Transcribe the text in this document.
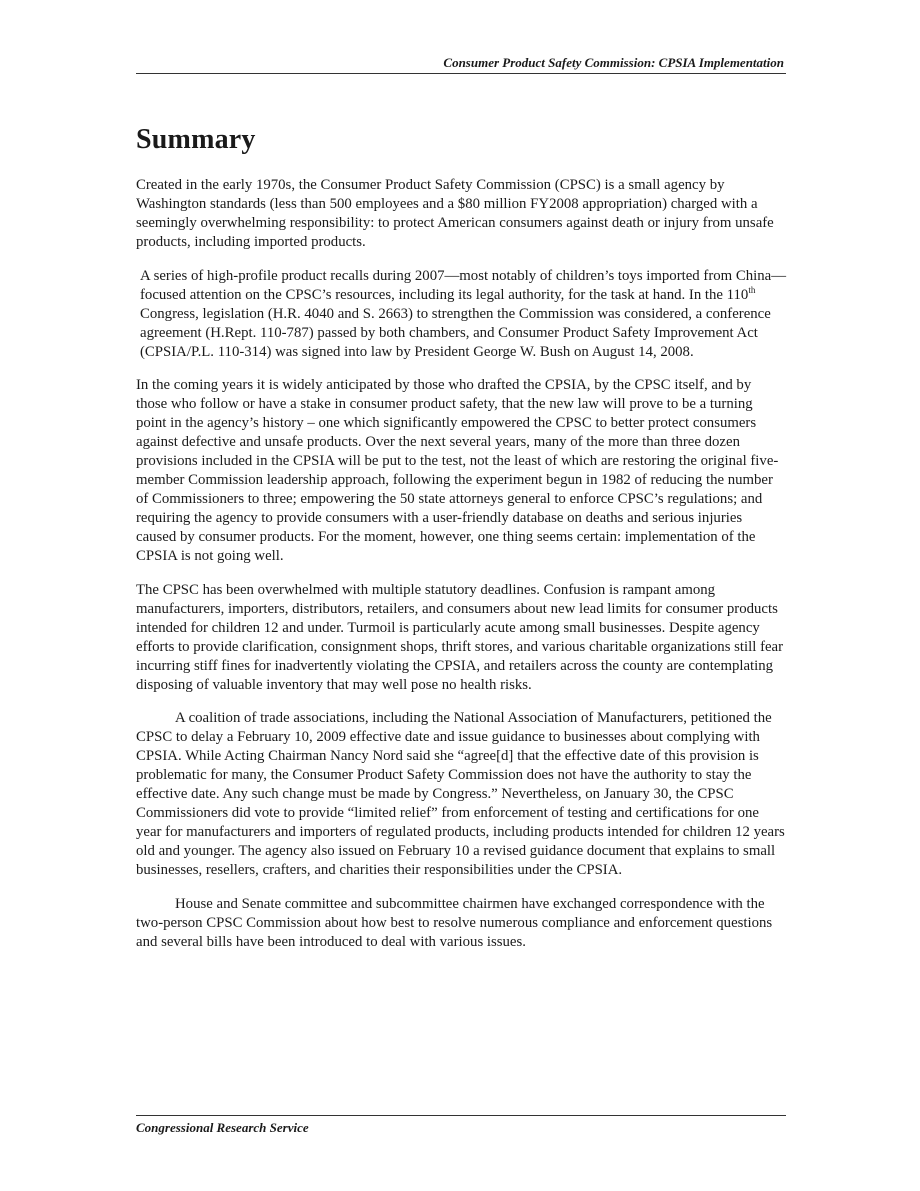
Consumer Product Safety Commission: CPSIA Implementation
Summary

Created in the early 1970s, the Consumer Product Safety Commission (CPSC) is a small agency by Washington standards (less than 500 employees and a $80 million FY2008 appropriation) charged with a seemingly overwhelming responsibility: to protect American consumers against death or injury from unsafe products, including imported products.

A series of high-profile product recalls during 2007—most notably of children’s toys imported from China—focused attention on the CPSC’s resources, including its legal authority, for the task at hand. In the 110th Congress, legislation (H.R. 4040 and S. 2663) to strengthen the Commission was considered, a conference agreement (H.Rept. 110-787) passed by both chambers, and Consumer Product Safety Improvement Act (CPSIA/P.L. 110-314) was signed into law by President George W. Bush on August 14, 2008.

In the coming years it is widely anticipated by those who drafted the CPSIA, by the CPSC itself, and by those who follow or have a stake in consumer product safety, that the new law will prove to be a turning point in the agency’s history – one which significantly empowered the CPSC to better protect consumers against defective and unsafe products. Over the next several years, many of the more than three dozen provisions included in the CPSIA will be put to the test, not the least of which are restoring the original five-member Commission leadership approach, following the experiment begun in 1982 of reducing the number of Commissioners to three; empowering the 50 state attorneys general to enforce CPSC’s regulations; and requiring the agency to provide consumers with a user-friendly database on deaths and serious injuries caused by consumer products. For the moment, however, one thing seems certain: implementation of the CPSIA is not going well.

The CPSC has been overwhelmed with multiple statutory deadlines. Confusion is rampant among manufacturers, importers, distributors, retailers, and consumers about new lead limits for consumer products intended for children 12 and under. Turmoil is particularly acute among small businesses. Despite agency efforts to provide clarification, consignment shops, thrift stores, and various charitable organizations still fear incurring stiff fines for inadvertently violating the CPSIA, and retailers across the county are contemplating disposing of valuable inventory that may well pose no health risks.

A coalition of trade associations, including the National Association of Manufacturers, petitioned the CPSC to delay a February 10, 2009 effective date and issue guidance to businesses about complying with CPSIA. While Acting Chairman Nancy Nord said she “agree[d] that the effective date of this provision is problematic for many, the Consumer Product Safety Commission does not have the authority to stay the effective date. Any such change must be made by Congress.” Nevertheless, on January 30, the CPSC Commissioners did vote to provide “limited relief” from enforcement of testing and certifications for one year for manufacturers and importers of regulated products, including products intended for children 12 years old and younger. The agency also issued on February 10 a revised guidance document that explains to small businesses, resellers, crafters, and charities their responsibilities under the CPSIA.

House and Senate committee and subcommittee chairmen have exchanged correspondence with the two-person CPSC Commission about how best to resolve numerous compliance and enforcement questions and several bills have been introduced to deal with various issues.

Congressional Research Service
